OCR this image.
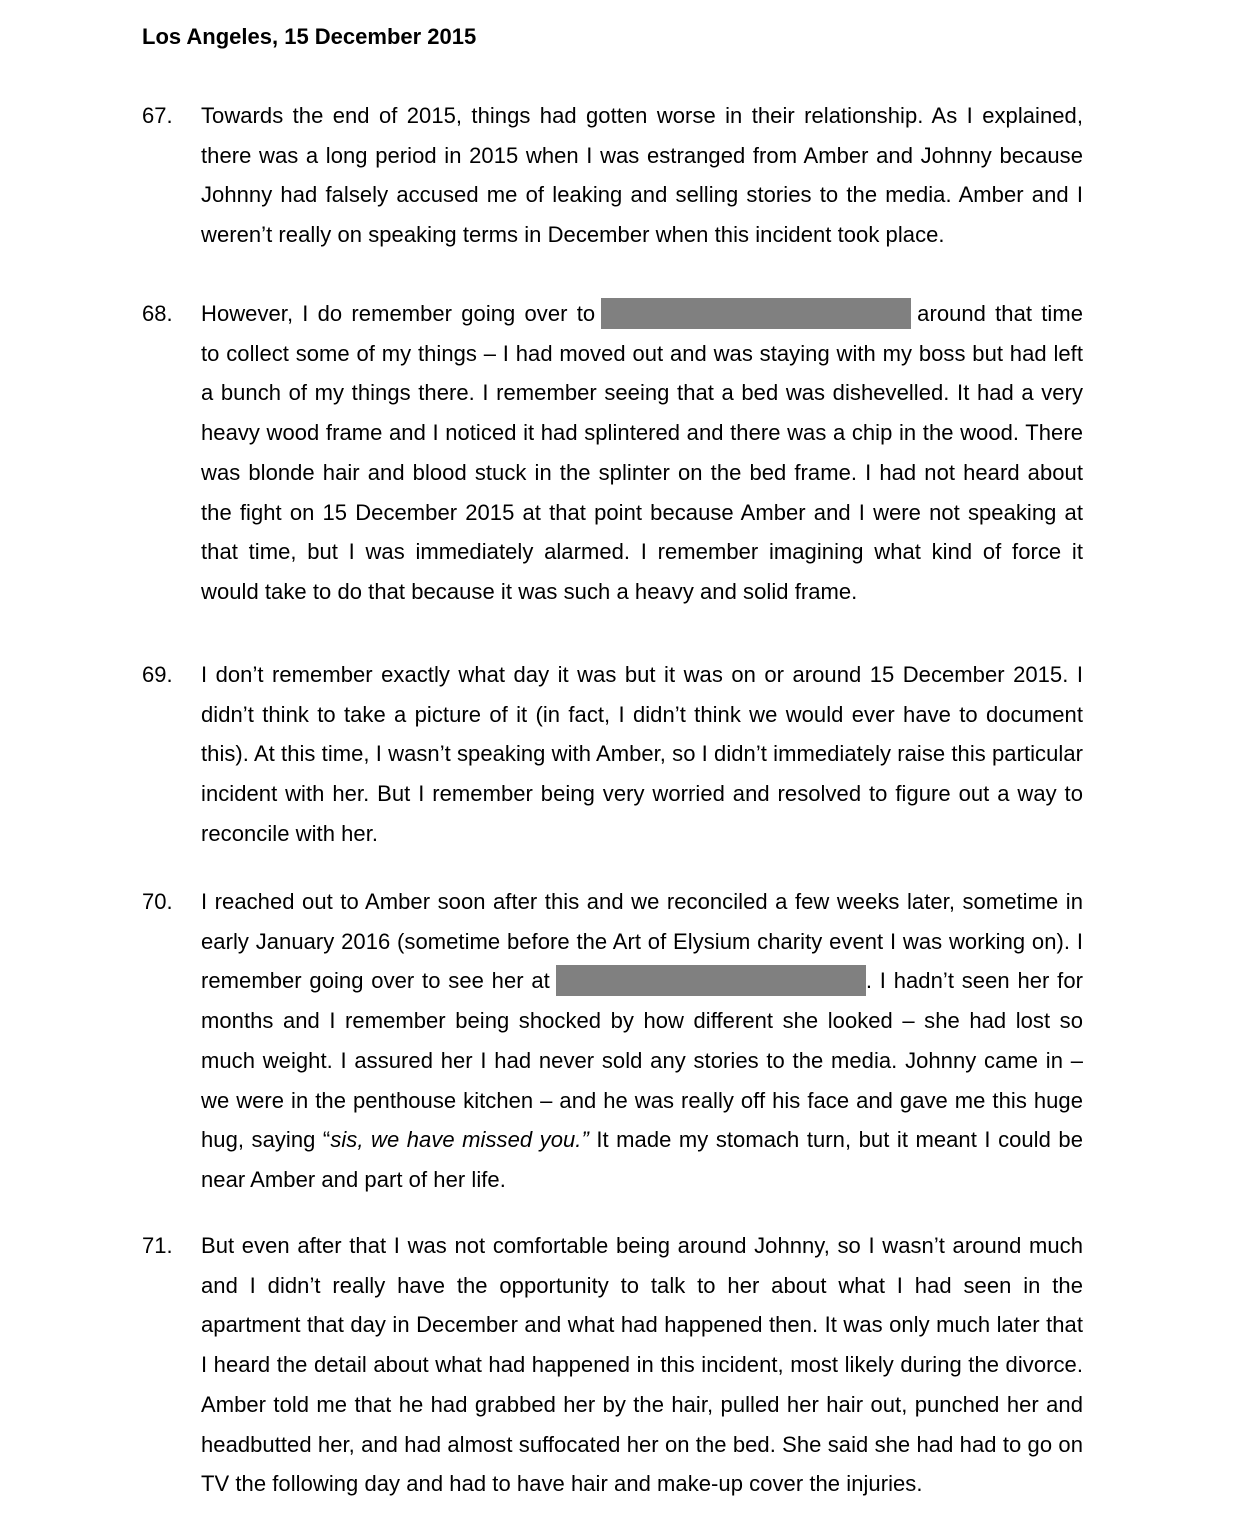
Los Angeles, 15 December 2015
67. Towards the end of 2015, things had gotten worse in their relationship. As I explained, there was a long period in 2015 when I was estranged from Amber and Johnny because Johnny had falsely accused me of leaking and selling stories to the media. Amber and I weren’t really on speaking terms in December when this incident took place.
68. However, I do remember going over to	around that time to collect some of my things – I had moved out and was staying with my boss but had left a bunch of my things there. I remember seeing that a bed was dishevelled. It had a very heavy wood frame and I noticed it had splintered and there was a chip in the wood. There was blonde hair and blood stuck in the splinter on the bed frame. I had not heard about the fight on 15 December 2015 at that point because Amber and I were not speaking at that time, but I was immediately alarmed. I remember imagining what kind of force it would take to do that because it was such a heavy and solid frame.
69. I don’t remember exactly what day it was but it was on or around 15 December 2015. I didn’t think to take a picture of it (in fact, I didn’t think we would ever have to document this). At this time, I wasn’t speaking with Amber, so I didn’t immediately raise this particular incident with her. But I remember being very worried and resolved to figure out a way to reconcile with her.
70. I reached out to Amber soon after this and we reconciled a few weeks later, sometime in early January 2016 (sometime before the Art of Elysium charity event I was working on). I remember going over to see her at	. I hadn’t seen her for months and I remember being shocked by how different she looked – she had lost so much weight. I assured her I had never sold any stories to the media. Johnny came in – we were in the penthouse kitchen – and he was really off his face and gave me this huge hug, saying “sis, we have missed you.” It made my stomach turn, but it meant I could be near Amber and part of her life.
71. But even after that I was not comfortable being around Johnny, so I wasn’t around much and I didn’t really have the opportunity to talk to her about what I had seen in the apartment that day in December and what had happened then. It was only much later that I heard the detail about what had happened in this incident, most likely during the divorce. Amber told me that he had grabbed her by the hair, pulled her hair out, punched her and headbutted her, and had almost suffocated her on the bed. She said she had had to go on TV the following day and had to have hair and make-up cover the injuries.
